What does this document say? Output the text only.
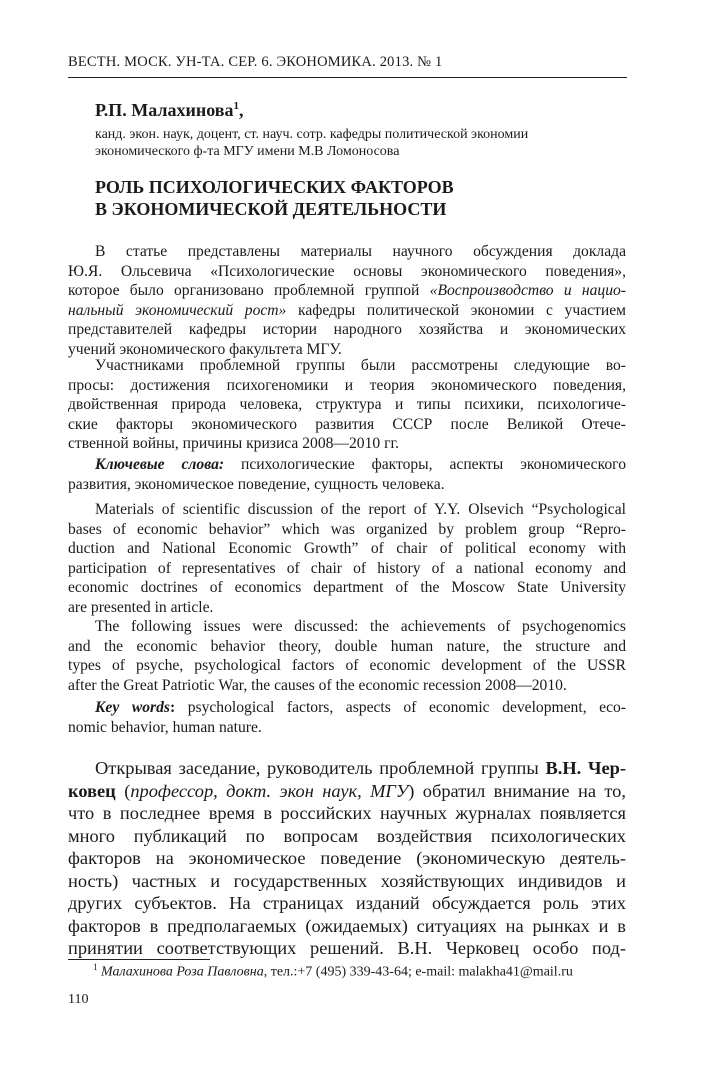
ВЕСТН. МОСК. УН-ТА. СЕР. 6. ЭКОНОМИКА. 2013. № 1
Р.П. Малахинова$^1$,
канд. экон. наук, доцент, ст. науч. сотр. кафедры политической экономии
экономического ф-та МГУ имени М.В Ломоносова
РОЛЬ ПСИХОЛОГИЧЕСКИХ ФАКТОРОВ
В ЭКОНОМИЧЕСКОЙ ДЕЯТЕЛЬНОСТИ
В статье представлены материалы научного обсуждения доклада
Ю.Я. Ольсевича «Психологические основы экономического поведения»,
которое было организовано проблемной группой «Воспроизводство и нацио-
нальный экономический рост» кафедры политической экономии с участием
представителей кафедры истории народного хозяйства и экономических
учений экономического факультета МГУ.
Участниками проблемной группы были рассмотрены следующие во-
просы: достижения психогеномики и теория экономического поведения,
двойственная природа человека, структура и типы психики, психологиче-
ские факторы экономического развития СССР после Великой Отече-
ственной войны, причины кризиса 2008—2010 гг.
Ключевые слова: психологические факторы, аспекты экономического
развития, экономическое поведение, сущность человека.
Materials of scientific discussion of the report of Y.Y. Olsevich “Psychological
bases of economic behavior” which was organized by problem group “Repro-
duction and National Economic Growth” of chair of political economy with
participation of representatives of chair of history of a national economy and
economic doctrines of economics department of the Moscow State University
are presented in article.
The following issues were discussed: the achievements of psychogenomics
and the economic behavior theory, double human nature, the structure and
types of psyche, psychological factors of economic development of the USSR
after the Great Patriotic War, the causes of the economic recession 2008—2010.
Key words: psychological factors, aspects of economic development, eco-
nomic behavior, human nature.
Открывая заседание, руководитель проблемной группы В.Н. Чер-
ковец (профессор, докт. экон наук, МГУ) обратил внимание на то,
что в последнее время в российских научных журналах появляется
много публикаций по вопросам воздействия психологических
факторов на экономическое поведение (экономическую деятель-
ность) частных и государственных хозяйствующих индивидов и
других субъектов. На страницах изданий обсуждается роль этих
факторов в предполагаемых (ожидаемых) ситуациях на рынках и в
принятии соответствующих решений. В.Н. Черковец особо под-
$^1$ Малахинова Роза Павловна, тел.:+7 (495) 339-43-64; e-mail: malakha41@mail.ru
110
